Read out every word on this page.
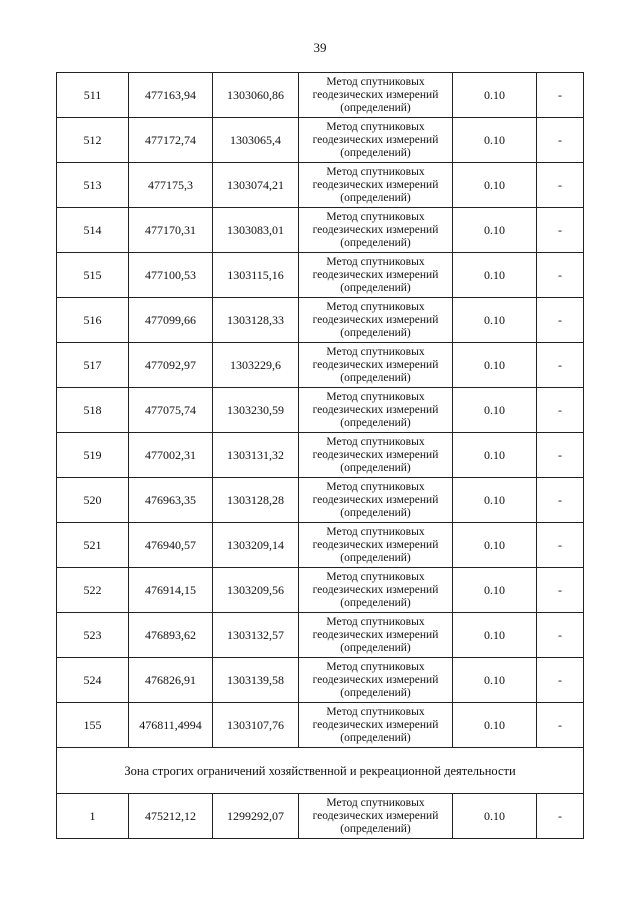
39
511	477163,94	1303060,86	Метод спутниковых
геодезических измерений
(определений)	0.10	-
512	477172,74	1303065,4	Метод спутниковых
геодезических измерений
(определений)	0.10	-
513	477175,3	1303074,21	Метод спутниковых
геодезических измерений
(определений)	0.10	-
514	477170,31	1303083,01	Метод спутниковых
геодезических измерений
(определений)	0.10	-
515	477100,53	1303115,16	Метод спутниковых
геодезических измерений
(определений)	0.10	-
516	477099,66	1303128,33	Метод спутниковых
геодезических измерений
(определений)	0.10	-
517	477092,97	1303229,6	Метод спутниковых
геодезических измерений
(определений)	0.10	-
518	477075,74	1303230,59	Метод спутниковых
геодезических измерений
(определений)	0.10	-
519	477002,31	1303131,32	Метод спутниковых
геодезических измерений
(определений)	0.10	-
520	476963,35	1303128,28	Метод спутниковых
геодезических измерений
(определений)	0.10	-
521	476940,57	1303209,14	Метод спутниковых
геодезических измерений
(определений)	0.10	-
522	476914,15	1303209,56	Метод спутниковых
геодезических измерений
(определений)	0.10	-
523	476893,62	1303132,57	Метод спутниковых
геодезических измерений
(определений)	0.10	-
524	476826,91	1303139,58	Метод спутниковых
геодезических измерений
(определений)	0.10	-
155	476811,4994	1303107,76	Метод спутниковых
геодезических измерений
(определений)	0.10	-
Зона строгих ограничений хозяйственной и рекреационной деятельности					
1	475212,12	1299292,07	Метод спутниковых
геодезических измерений
(определений)	0.10	-
